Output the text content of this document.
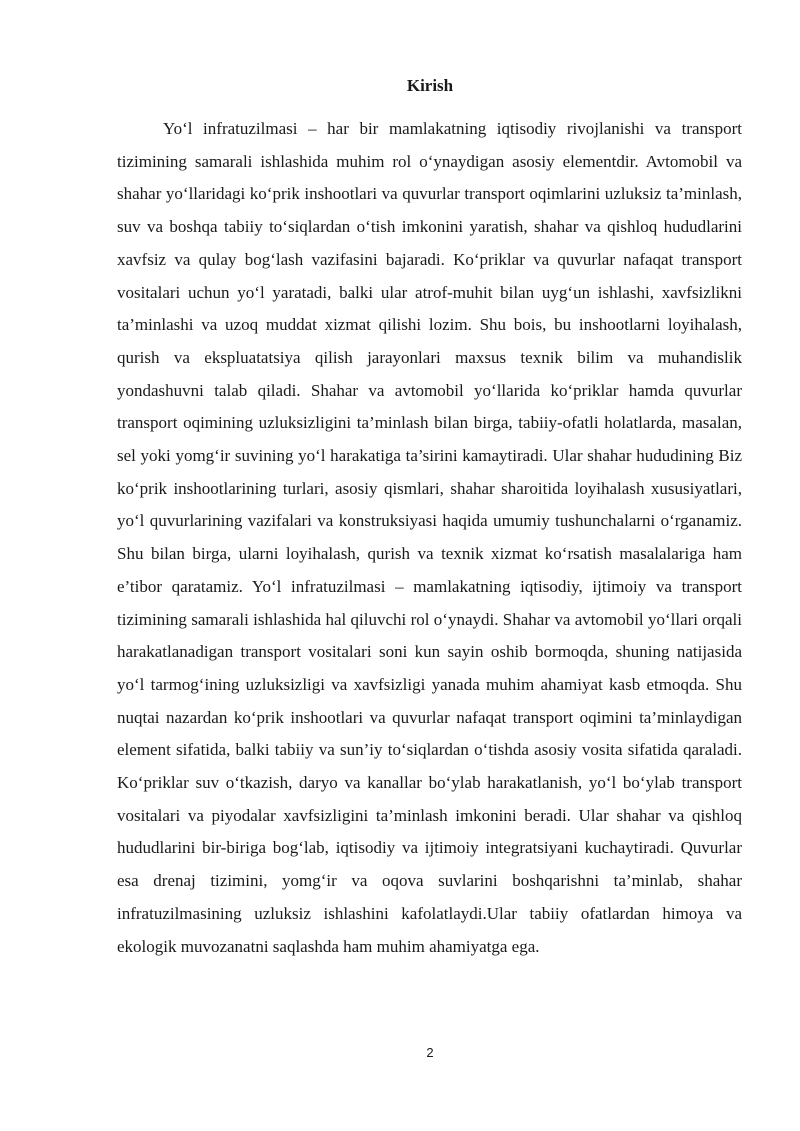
Kirish

Yo‘l infratuzilmasi – har bir mamlakatning iqtisodiy rivojlanishi va transport tizimining samarali ishlashida muhim rol o‘ynaydigan asosiy elementdir. Avtomobil va shahar yo‘llaridagi ko‘prik inshootlari va quvurlar transport oqimlarini uzluksiz ta’minlash, suv va boshqa tabiiy to‘siqlardan o‘tish imkonini yaratish, shahar va qishloq hududlarini xavfsiz va qulay bog‘lash vazifasini bajaradi. Ko‘priklar va quvurlar nafaqat transport vositalari uchun yo‘l yaratadi, balki ular atrof-muhit bilan uyg‘un ishlashi, xavfsizlikni ta’minlashi va uzoq muddat xizmat qilishi lozim. Shu bois, bu inshootlarni loyihalash, qurish va ekspluatatsiya qilish jarayonlari maxsus texnik bilim va muhandislik yondashuvni talab qiladi. Shahar va avtomobil yo‘llarida ko‘priklar hamda quvurlar transport oqimining uzluksizligini ta’minlash bilan birga, tabiiy-ofatli holatlarda, masalan, sel yoki yomg‘ir suvining yo‘l harakatiga ta’sirini kamaytiradi. Ular shahar hududining Biz ko‘prik inshootlarining turlari, asosiy qismlari, shahar sharoitida loyihalash xususiyatlari, yo‘l quvurlarining vazifalari va konstruksiyasi haqida umumiy tushunchalarni o‘rganamiz. Shu bilan birga, ularni loyihalash, qurish va texnik xizmat ko‘rsatish masalalariga ham e’tibor qaratamiz. Yo‘l infratuzilmasi – mamlakatning iqtisodiy, ijtimoiy va transport tizimining samarali ishlashida hal qiluvchi rol o‘ynaydi. Shahar va avtomobil yo‘llari orqali harakatlanadigan transport vositalari soni kun sayin oshib bormoqda, shuning natijasida yo‘l tarmog‘ining uzluksizligi va xavfsizligi yanada muhim ahamiyat kasb etmoqda. Shu nuqtai nazardan ko‘prik inshootlari va quvurlar nafaqat transport oqimini ta’minlaydigan element sifatida, balki tabiiy va sun’iy to‘siqlardan o‘tishda asosiy vosita sifatida qaraladi. Ko‘priklar suv o‘tkazish, daryo va kanallar bo‘ylab harakatlanish, yo‘l bo‘ylab transport vositalari va piyodalar xavfsizligini ta’minlash imkonini beradi. Ular shahar va qishloq hududlarini bir-biriga bog‘lab, iqtisodiy va ijtimoiy integratsiyani kuchaytiradi. Quvurlar esa drenaj tizimini, yomg‘ir va oqova suvlarini boshqarishni ta’minlab, shahar infratuzilmasining uzluksiz ishlashini kafolatlaydi.Ular tabiiy ofatlardan himoya va ekologik muvozanatni saqlashda ham muhim ahamiyatga ega.

2
